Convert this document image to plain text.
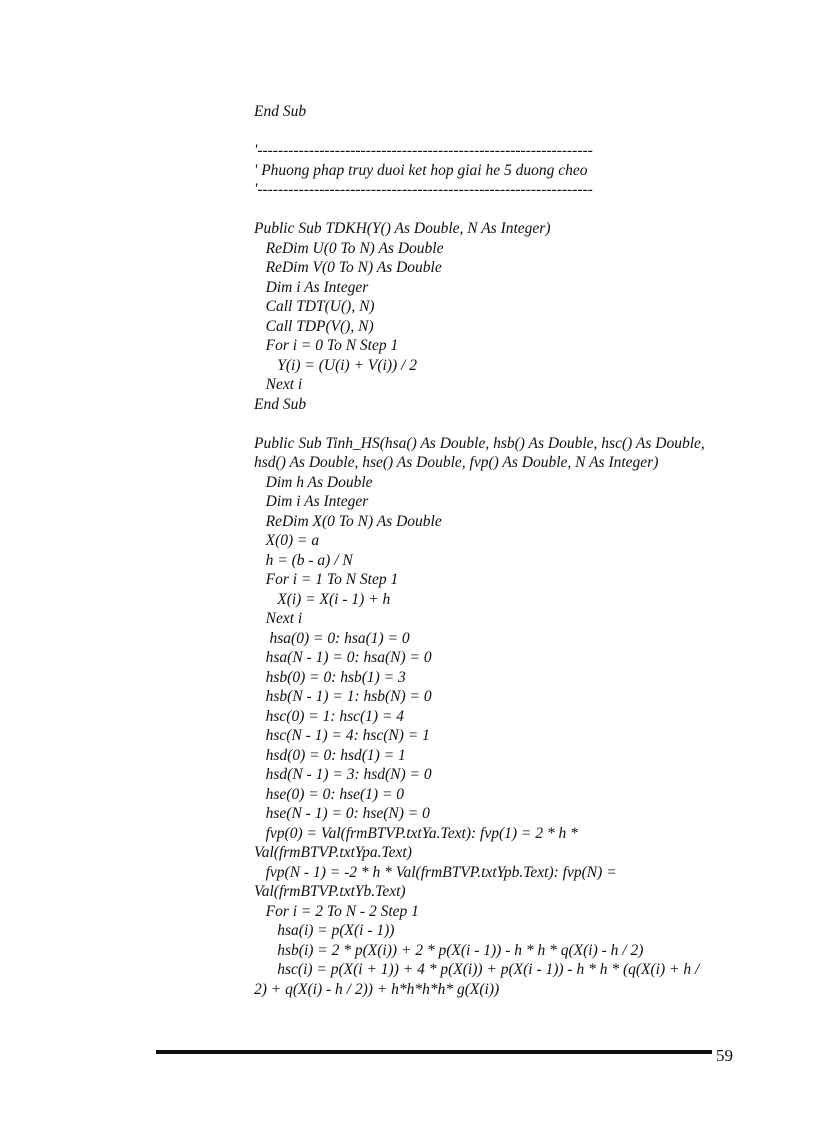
End Sub
'-----------------------------------------------------------------
' Phuong phap truy duoi ket hop giai he 5 duong cheo
'-----------------------------------------------------------------
Public Sub TDKH(Y() As Double, N As Integer)
ReDim U(0 To N) As Double
ReDim V(0 To N) As Double
Dim i As Integer
Call TDT(U(), N)
Call TDP(V(), N)
For i = 0 To N Step 1
Y(i) = (U(i) + V(i)) / 2
Next i
End Sub
Public Sub Tinh_HS(hsa() As Double, hsb() As Double, hsc() As Double,
hsd() As Double, hse() As Double, fvp() As Double, N As Integer)
Dim h As Double
Dim i As Integer
ReDim X(0 To N) As Double
X(0) = a
h = (b - a) / N
For i = 1 To N Step 1
X(i) = X(i - 1) + h
Next i
hsa(0) = 0: hsa(1) = 0
hsa(N - 1) = 0: hsa(N) = 0
hsb(0) = 0: hsb(1) = 3
hsb(N - 1) = 1: hsb(N) = 0
hsc(0) = 1: hsc(1) = 4
hsc(N - 1) = 4: hsc(N) = 1
hsd(0) = 0: hsd(1) = 1
hsd(N - 1) = 3: hsd(N) = 0
hse(0) = 0: hse(1) = 0
hse(N - 1) = 0: hse(N) = 0
fvp(0) = Val(frmBTVP.txtYa.Text): fvp(1) = 2 * h *
Val(frmBTVP.txtYpa.Text)
fvp(N - 1) = -2 * h * Val(frmBTVP.txtYpb.Text): fvp(N) =
Val(frmBTVP.txtYb.Text)
For i = 2 To N - 2 Step 1
hsa(i) = p(X(i - 1))
hsb(i) = 2 * p(X(i)) + 2 * p(X(i - 1)) - h * h * q(X(i) - h / 2)
hsc(i) = p(X(i + 1)) + 4 * p(X(i)) + p(X(i - 1)) - h * h * (q(X(i) + h /
2) + q(X(i) - h / 2)) + h*h*h*h* g(X(i))
59
